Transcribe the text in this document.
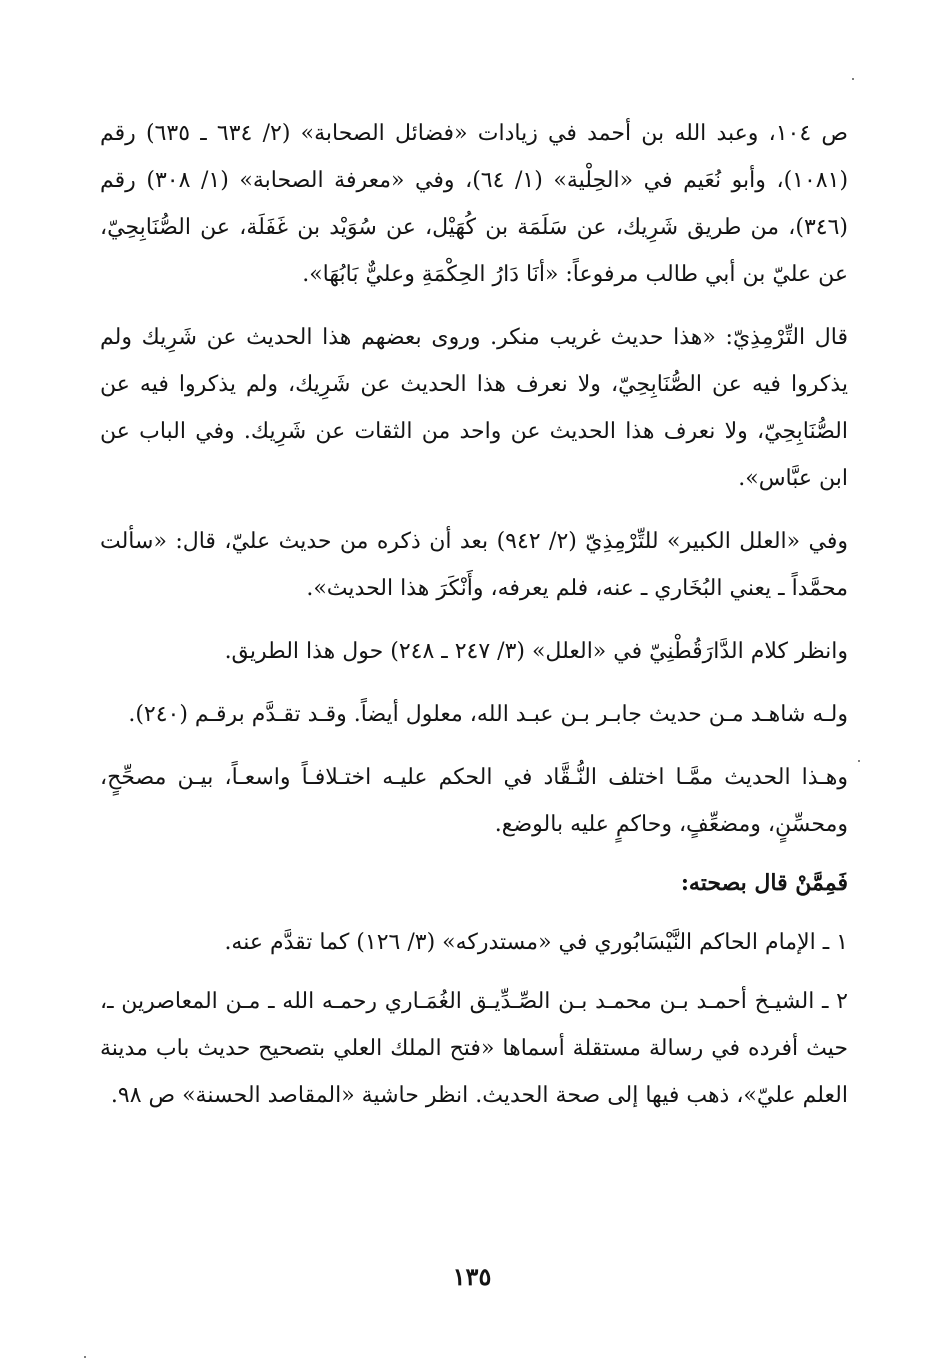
ص ١٠٤، وعبد الله بن أحمد في زيادات «فضائل الصحابة» (٢/ ٦٣٤ ـ ٦٣٥) رقم (١٠٨١)، وأبو نُعَيم في «الحِلْية» (١/ ٦٤)، وفي «معرفة الصحابة» (١/ ٣٠٨) رقم (٣٤٦)، من طريق شَرِيك، عن سَلَمَة بن كُهَيْل، عن سُوَيْد بن غَفَلَة، عن الصُّنَابِحِيّ، عن عليّ بن أبي طالب مرفوعاً: «أنَا دَارُ الحِكْمَةِ وعليٌّ بَابُهَا».

قال التِّرْمِذِيّ: «هذا حديث غريب منكر. وروى بعضهم هذا الحديث عن شَرِيك ولم يذكروا فيه عن الصُّنَابِحِيّ، ولا نعرف هذا الحديث عن شَرِيك، ولم يذكروا فيه عن الصُّنَابِحِيّ، ولا نعرف هذا الحديث عن واحد من الثقات عن شَرِيك. وفي الباب عن ابن عبَّاس».

وفي «العلل الكبير» للتِّرْمِذِيّ (٢/ ٩٤٢) بعد أن ذكره من حديث عليّ، قال: «سألت محمَّداً ـ يعني البُخَاري ـ عنه، فلم يعرفه، وأَنْكَرَ هذا الحديث».

وانظر كلام الدَّارَقُطْنِيّ في «العلل» (٣/ ٢٤٧ ـ ٢٤٨) حول هذا الطريق.

ولـه شاهـد مـن حديث جابـر بـن عبـد الله، معلول أيضاً. وقـد تقـدَّم برقـم (٢٤٠).

وهـذا الحديث ممَّـا اختلف النُّـقَّاد في الحكم عليـه اختـلافـاً واسعـاً، بيـن مصحِّحٍ، ومحسِّنٍ، ومضعِّفٍ، وحاكمٍ عليه بالوضع.

فَمِمَّنْ قال بصحته:

١ ـ الإمام الحاكم النَّيْسَابُوري في «مستدركه» (٣/ ١٢٦) كما تقدَّم عنه.

٢ ـ الشيـخ أحمـد بـن محمـد بـن الصِّـدِّيـق الغُمَـاري رحمـه الله ـ مـن المعاصرين ـ، حيث أفرده في رسالة مستقلة أسماها «فتح الملك العلي بتصحيح حديث باب مدينة العلم عليّ»، ذهب فيها إلى صحة الحديث. انظر حاشية «المقاصد الحسنة» ص ٩٨.

١٣٥
